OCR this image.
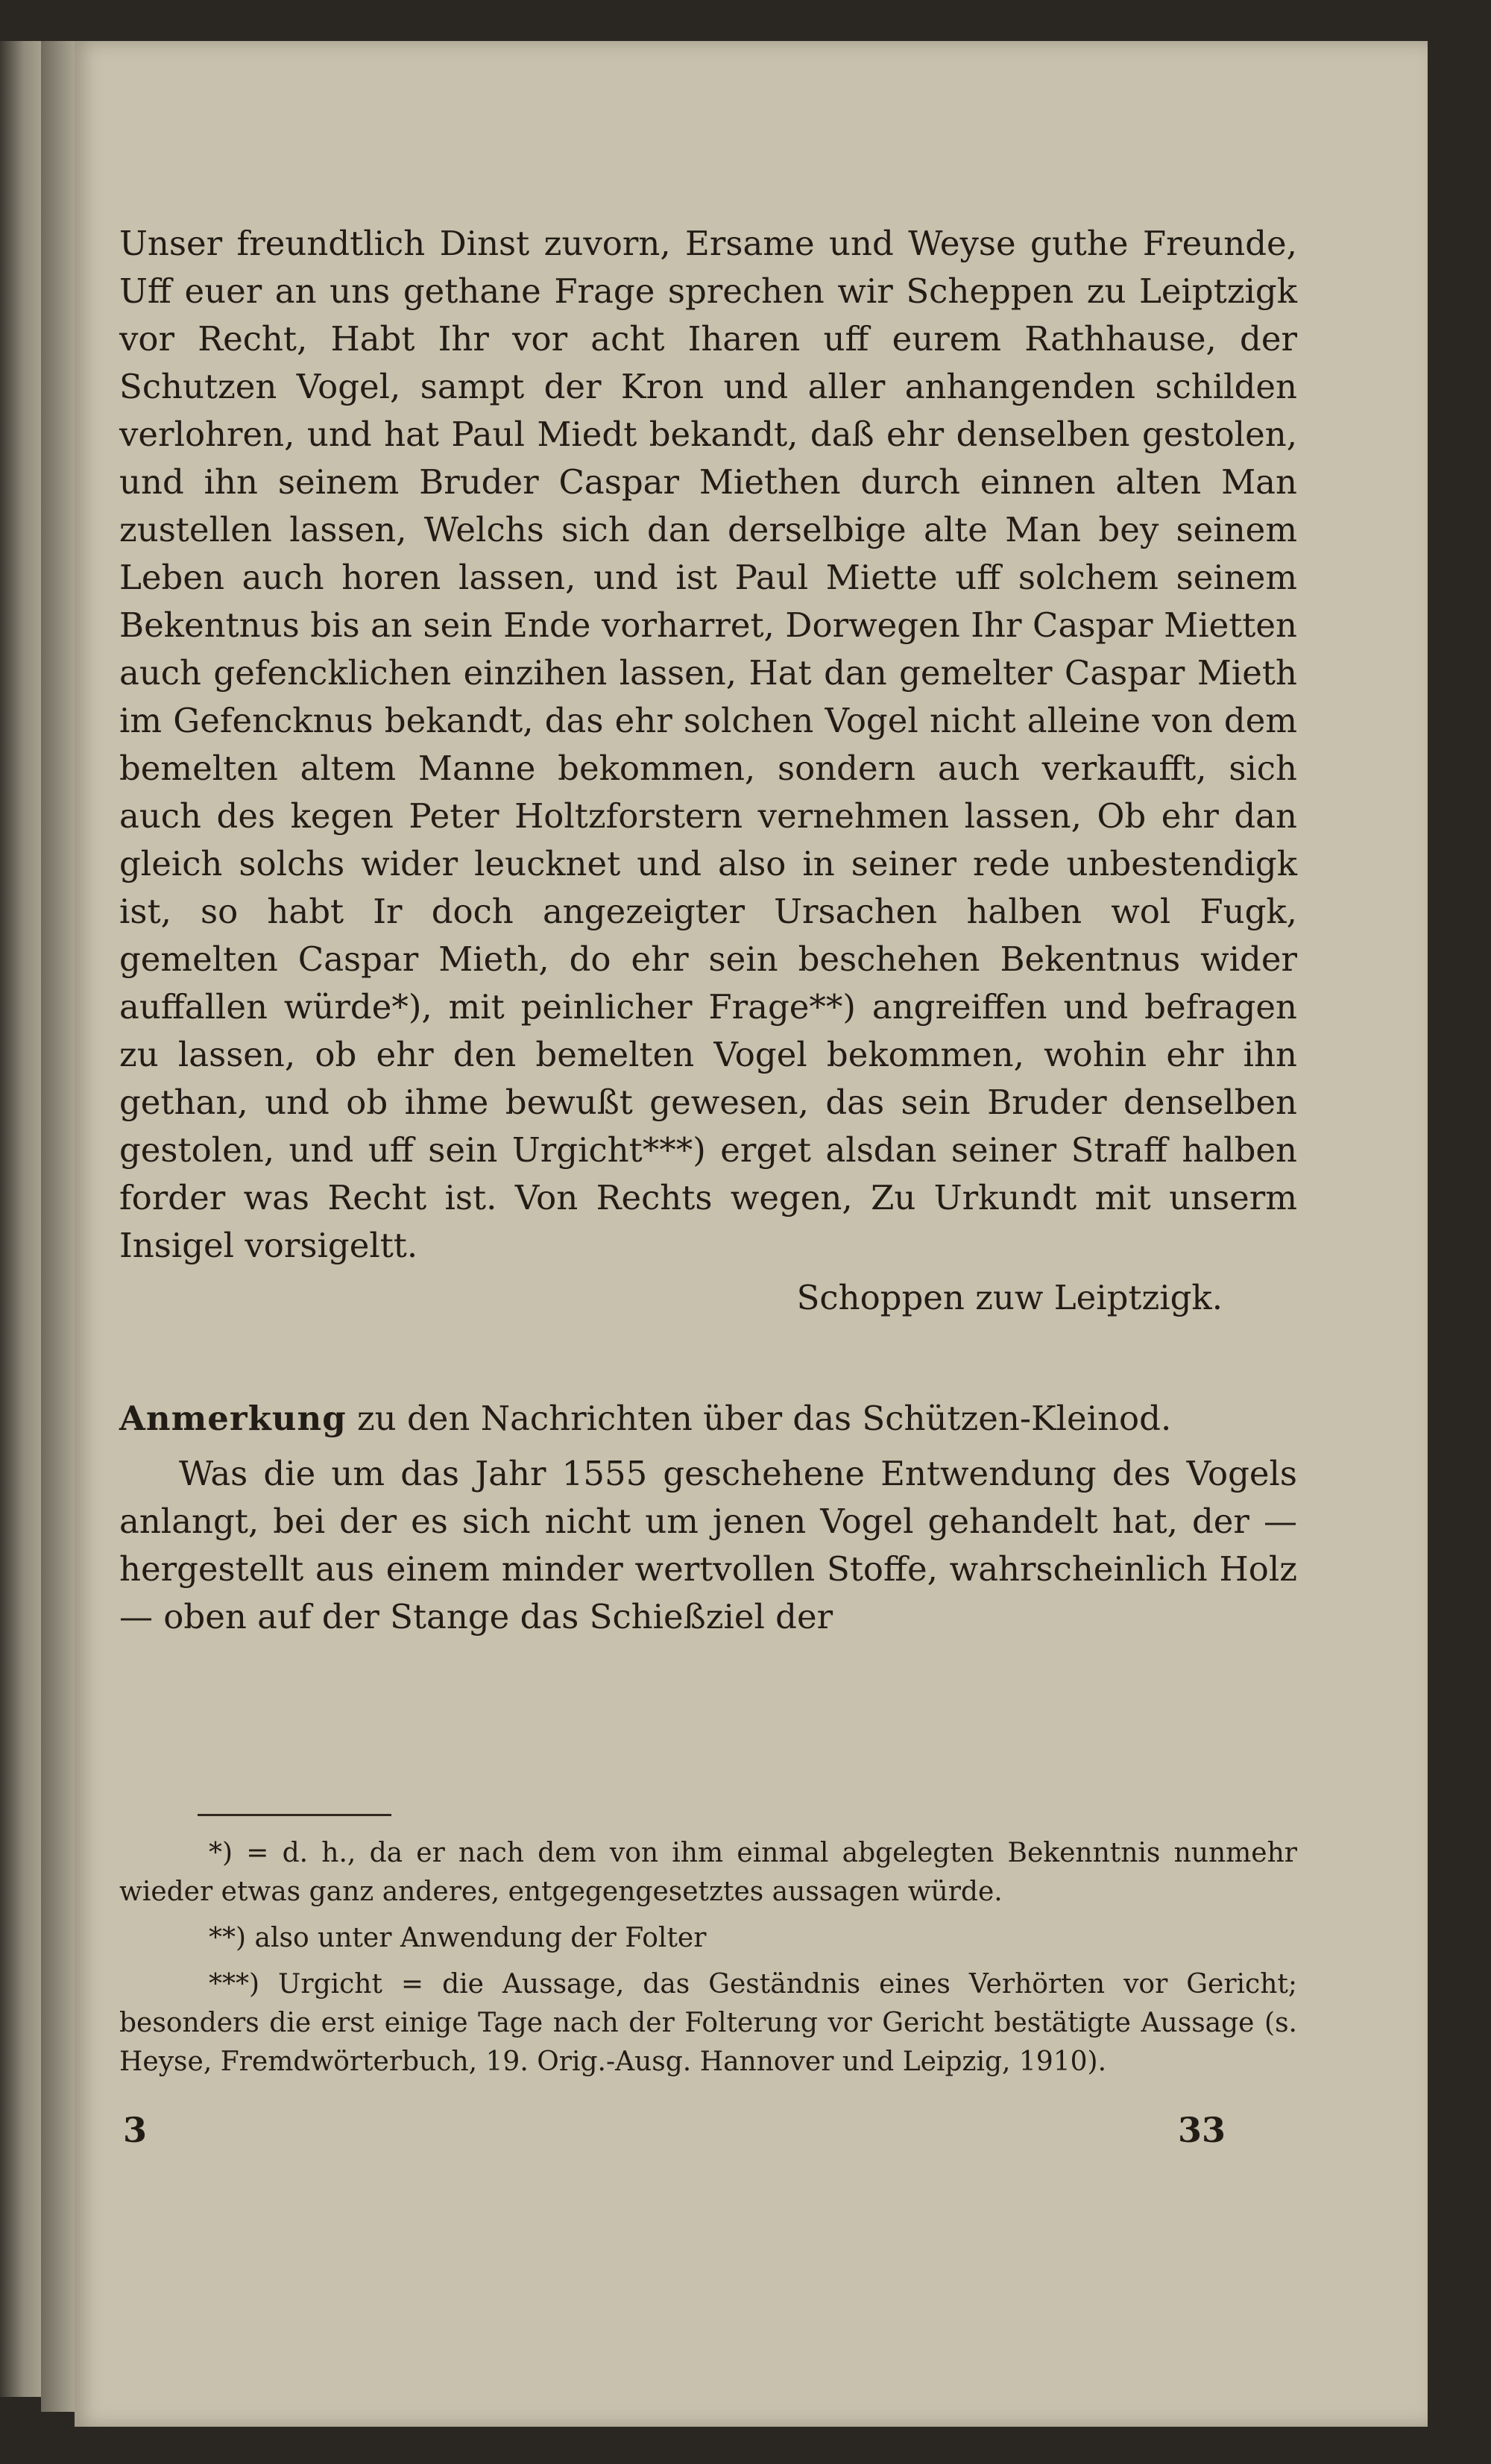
Unser freundtlich Dinst zuvorn, Ersame und Weyse guthe Freunde, Uff euer an uns gethane Frage sprechen wir Scheppen zu Leiptzigk vor Recht, Habt Ihr vor acht Iharen uff eurem Rathhause, der Schutzen Vogel, sampt der Kron und aller anhangenden schilden verlohren, und hat Paul Miedt bekandt, daß ehr denselben gestolen, und ihn seinem Bruder Caspar Miethen durch einnen alten Man zustellen lassen, Welchs sich dan derselbige alte Man bey seinem Leben auch horen lassen, und ist Paul Miette uff solchem seinem Bekentnus bis an sein Ende vorharret, Dorwegen Ihr Caspar Mietten auch gefencklichen einzihen lassen, Hat dan gemelter Caspar Mieth im Gefencknus bekandt, das ehr solchen Vogel nicht alleine von dem bemelten altem Manne bekommen, sondern auch verkaufft, sich auch des kegen Peter Holtzforstern vernehmen lassen, Ob ehr dan gleich solchs wider leucknet und also in seiner rede unbestendigk ist, so habt Ir doch angezeigter Ursachen halben wol Fugk, gemelten Caspar Mieth, do ehr sein beschehen Bekentnus wider auffallen würde*), mit peinlicher Frage**) angreiffen und befragen zu lassen, ob ehr den bemelten Vogel bekommen, wohin ehr ihn gethan, und ob ihme bewußt gewesen, das sein Bruder denselben gestolen, und uff sein Urgicht***) erget alsdan seiner Straff halben forder was Recht ist. Von Rechts wegen, Zu Urkundt mit unserm Insigel vorsigeltt.

Schoppen zuw Leiptzigk.

Anmerkung zu den Nachrichten über das Schützen-Kleinod.

Was die um das Jahr 1555 geschehene Entwendung des Vogels anlangt, bei der es sich nicht um jenen Vogel gehandelt hat, der — hergestellt aus einem minder wertvollen Stoffe, wahrscheinlich Holz — oben auf der Stange das Schießziel der

*) = d. h., da er nach dem von ihm einmal abgelegten Bekenntnis nunmehr wieder etwas ganz anderes, entgegengesetztes aussagen würde.

**) also unter Anwendung der Folter

***) Urgicht = die Aussage, das Geständnis eines Verhörten vor Gericht; besonders die erst einige Tage nach der Folterung vor Gericht bestätigte Aussage (s. Heyse, Fremdwörterbuch, 19. Orig.-Ausg. Hannover und Leipzig, 1910).

3	33
